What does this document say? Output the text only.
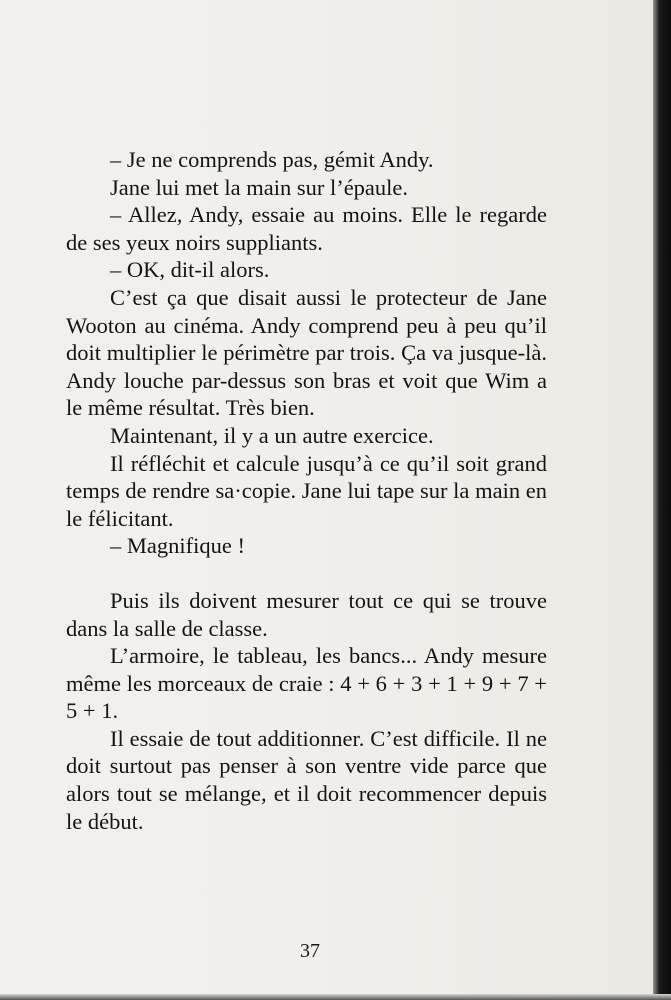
– Je ne comprends pas, gémit Andy.

Jane lui met la main sur l’épaule.

– Allez, Andy, essaie au moins. Elle le regarde de ses yeux noirs suppliants.

– OK, dit-il alors.

C’est ça que disait aussi le protecteur de Jane Wooton au cinéma. Andy comprend peu à peu qu’il doit multiplier le périmètre par trois. Ça va jusque-là. Andy louche par-dessus son bras et voit que Wim a le même résultat. Très bien.

Maintenant, il y a un autre exercice.

Il réfléchit et calcule jusqu’à ce qu’il soit grand temps de rendre sa·copie. Jane lui tape sur la main en le félicitant.

– Magnifique !

Puis ils doivent mesurer tout ce qui se trouve dans la salle de classe.

L’armoire, le tableau, les bancs... Andy mesure même les morceaux de craie : 4 + 6 + 3 + 1 + 9 + 7 + 5 + 1.

Il essaie de tout additionner. C’est difficile. Il ne doit surtout pas penser à son ventre vide parce que alors tout se mélange, et il doit recommencer depuis le début.

37
